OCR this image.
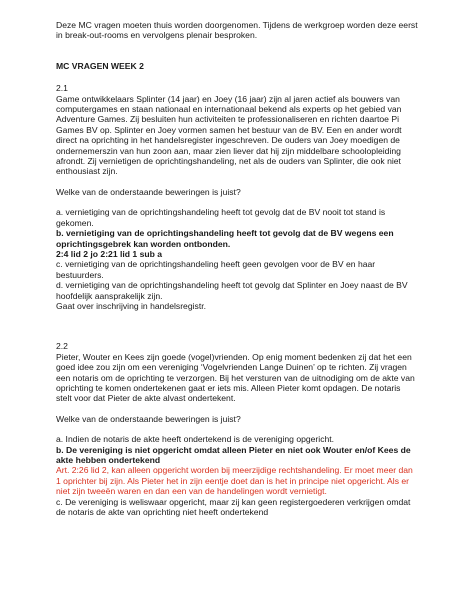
Deze MC vragen moeten thuis worden doorgenomen. Tijdens de werkgroep worden deze eerst in break-out-rooms en vervolgens plenair besproken.

MC VRAGEN WEEK 2

2.1

Game ontwikkelaars Splinter (14 jaar) en Joey (16 jaar) zijn al jaren actief als bouwers van computergames en staan nationaal en internationaal bekend als experts op het gebied van Adventure Games. Zij besluiten hun activiteiten te professionaliseren en richten daartoe Pi Games BV op. Splinter en Joey vormen samen het bestuur van de BV. Een en ander wordt direct na oprichting in het handelsregister ingeschreven. De ouders van Joey moedigen de ondernemerszin van hun zoon aan, maar zien liever dat hij zijn middelbare schoolopleiding afrondt. Zij vernietigen de oprichtingshandeling, net als de ouders van Splinter, die ook niet enthousiast zijn.

Welke van de onderstaande beweringen is juist?

a. vernietiging van de oprichtingshandeling heeft tot gevolg dat de BV nooit tot stand is gekomen.

b. vernietiging van de oprichtingshandeling heeft tot gevolg dat de BV wegens een oprichtingsgebrek kan worden ontbonden.

2:4 lid 2 jo 2:21 lid 1 sub a

c. vernietiging van de oprichtingshandeling heeft geen gevolgen voor de BV en haar bestuurders.

d. vernietiging van de oprichtingshandeling heeft tot gevolg dat Splinter en Joey naast de BV hoofdelijk aansprakelijk zijn.

Gaat over inschrijving in handelsregistr.

2.2

Pieter, Wouter en Kees zijn goede (vogel)vrienden. Op enig moment bedenken zij dat het een goed idee zou zijn om een vereniging ‘Vogelvrienden Lange Duinen’ op te richten. Zij vragen een notaris om de oprichting te verzorgen. Bij het versturen van de uitnodiging om de akte van oprichting te komen ondertekenen gaat er iets mis. Alleen Pieter komt opdagen. De notaris stelt voor dat Pieter de akte alvast ondertekent.

Welke van de onderstaande beweringen is juist?

a. Indien de notaris de akte heeft ondertekend is de vereniging opgericht.

b. De vereniging is niet opgericht omdat alleen Pieter en niet ook Wouter en/of Kees de akte hebben ondertekend

Art. 2:26 lid 2, kan alleen opgericht worden bij meerzijdige rechtshandeling. Er moet meer dan 1 oprichter bij zijn. Als Pieter het in zijn eentje doet dan is het in principe niet opgericht. Als er niet zijn tweeën waren en dan een van de handelingen wordt vernietigt.

c. De vereniging is weliswaar opgericht, maar zij kan geen registergoederen verkrijgen omdat de notaris de akte van oprichting niet heeft ondertekend
